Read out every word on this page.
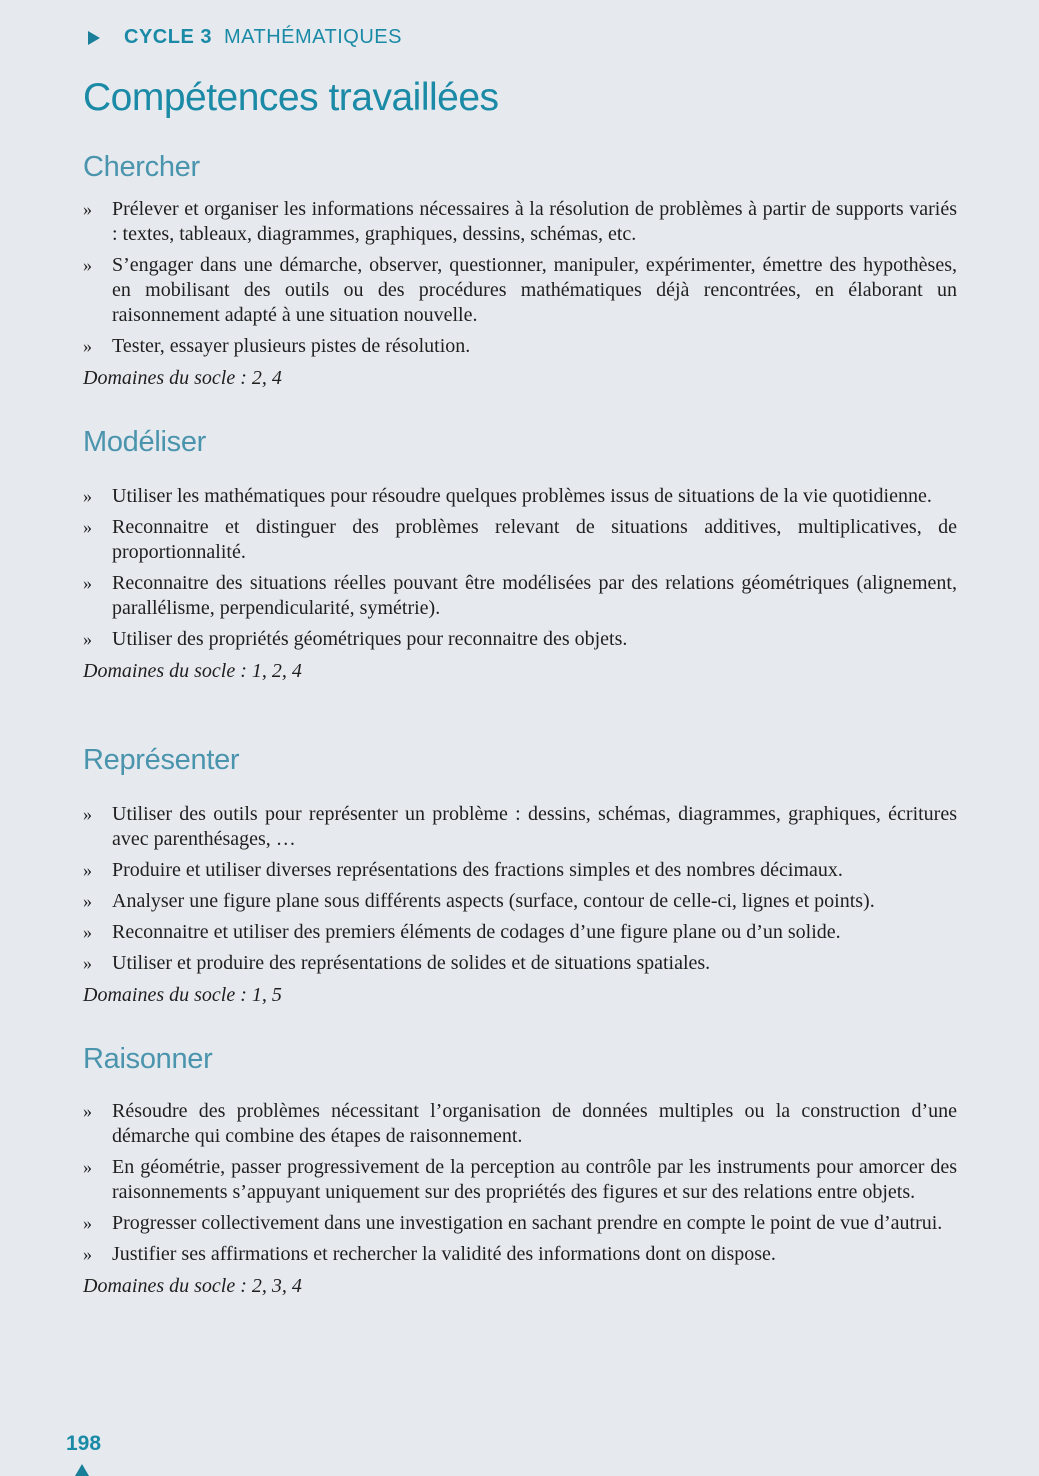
CYCLE 3 MATHÉMATIQUES
Compétences travaillées
Chercher
» Prélever et organiser les informations nécessaires à la résolution de problèmes à partir de supports variés : textes, tableaux, diagrammes, graphiques, dessins, schémas, etc.
» S’engager dans une démarche, observer, questionner, manipuler, expérimenter, émettre des hypothèses, en mobilisant des outils ou des procédures mathématiques déjà rencontrées, en élaborant un raisonnement adapté à une situation nouvelle.
» Tester, essayer plusieurs pistes de résolution.
Domaines du socle : 2, 4
Modéliser
» Utiliser les mathématiques pour résoudre quelques problèmes issus de situations de la vie quotidienne.
» Reconnaitre et distinguer des problèmes relevant de situations additives, multiplicatives, de proportionnalité.
» Reconnaitre des situations réelles pouvant être modélisées par des relations géométriques (alignement, parallélisme, perpendicularité, symétrie).
» Utiliser des propriétés géométriques pour reconnaitre des objets.
Domaines du socle : 1, 2, 4
Représenter
» Utiliser des outils pour représenter un problème : dessins, schémas, diagrammes, graphiques, écritures avec parenthésages, …
» Produire et utiliser diverses représentations des fractions simples et des nombres décimaux.
» Analyser une figure plane sous différents aspects (surface, contour de celle-ci, lignes et points).
» Reconnaitre et utiliser des premiers éléments de codages d’une figure plane ou d’un solide.
» Utiliser et produire des représentations de solides et de situations spatiales.
Domaines du socle : 1, 5
Raisonner
» Résoudre des problèmes nécessitant l’organisation de données multiples ou la construction d’une démarche qui combine des étapes de raisonnement.
» En géométrie, passer progressivement de la perception au contrôle par les instruments pour amorcer des raisonnements s’appuyant uniquement sur des propriétés des figures et sur des relations entre objets.
» Progresser collectivement dans une investigation en sachant prendre en compte le point de vue d’autrui.
» Justifier ses affirmations et rechercher la validité des informations dont on dispose.
Domaines du socle : 2, 3, 4
198
